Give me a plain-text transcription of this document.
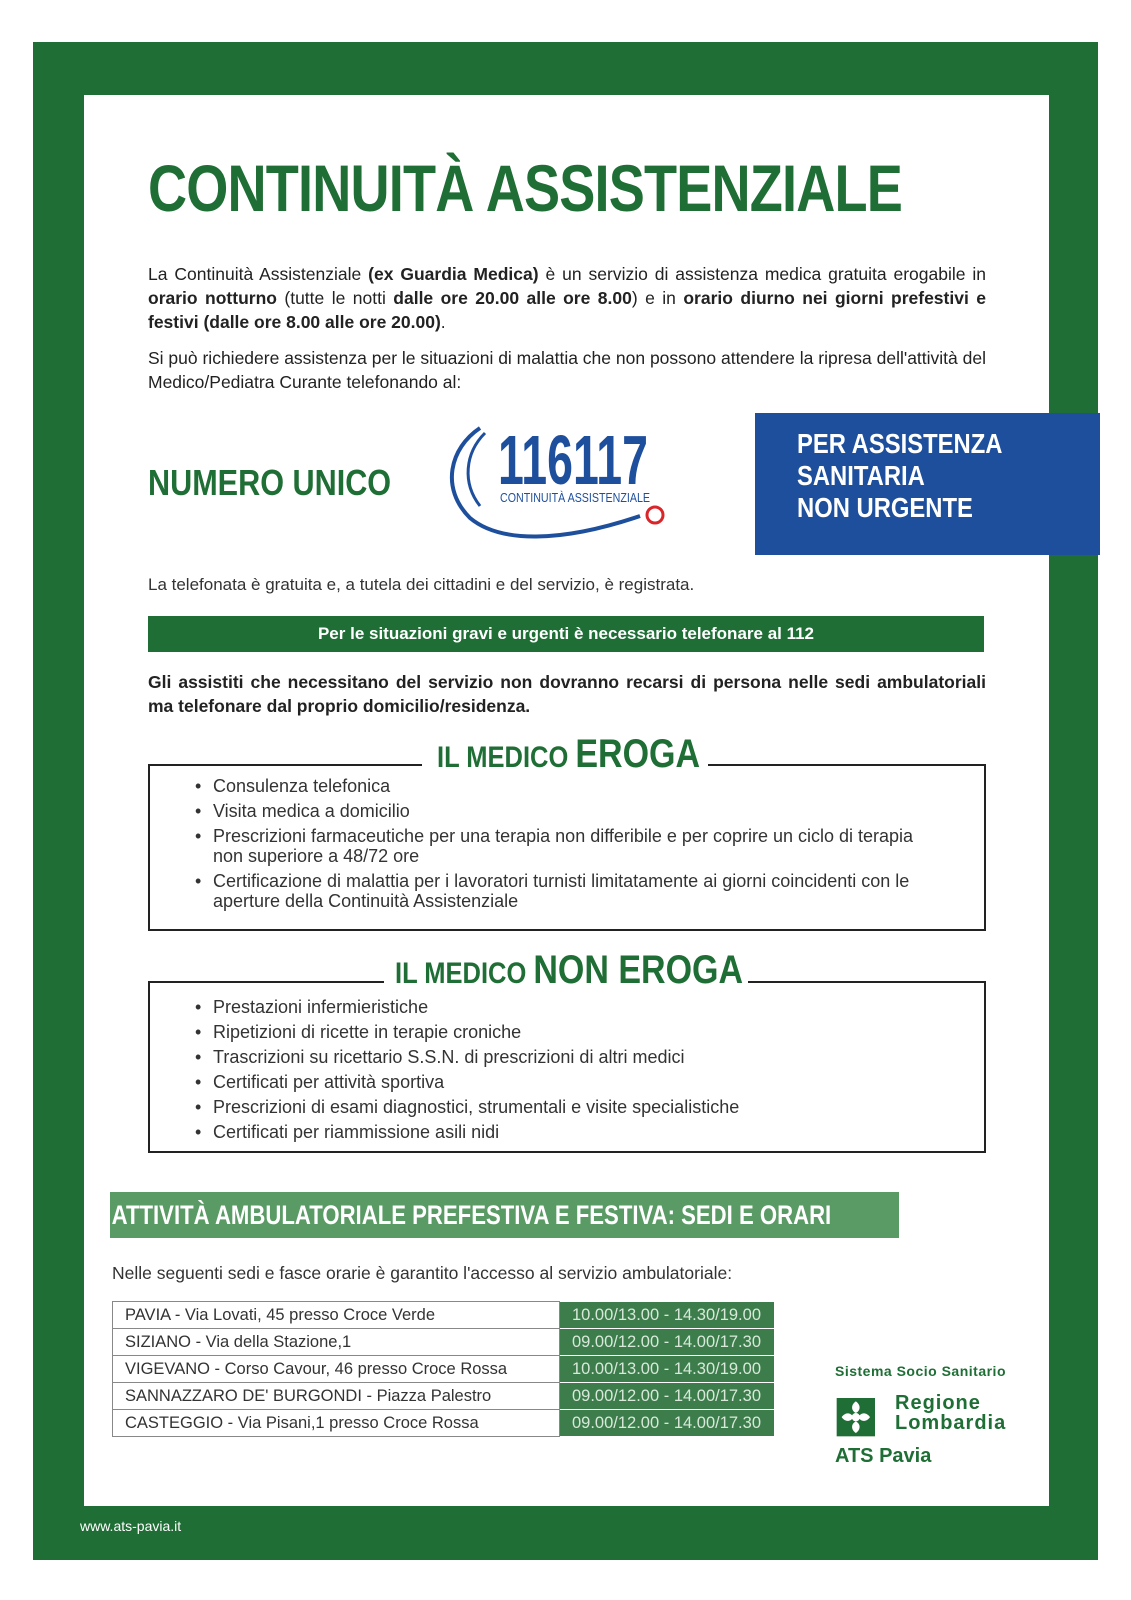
CONTINUITÀ ASSISTENZIALE
La Continuità Assistenziale (ex Guardia Medica) è un servizio di assistenza medica gratuita erogabile in orario notturno (tutte le notti dalle ore 20.00 alle ore 8.00) e in orario diurno nei giorni prefestivi e festivi (dalle ore 8.00 alle ore 20.00).
Si può richiedere assistenza per le situazioni di malattia che non possono attendere la ripresa dell'attività del Medico/Pediatra Curante telefonando al:
NUMERO UNICO 116117
CONTINUITÀ ASSISTENZIALE
PER ASSISTENZA
SANITARIA
NON URGENTE
La telefonata è gratuita e, a tutela dei cittadini e del servizio, è registrata.
Per le situazioni gravi e urgenti è necessario telefonare al 112
Gli assistiti che necessitano del servizio non dovranno recarsi di persona nelle sedi ambulatoriali ma telefonare dal proprio domicilio/residenza.
IL MEDICO EROGA
• Consulenza telefonica
• Visita medica a domicilio
• Prescrizioni farmaceutiche per una terapia non differibile e per coprire un ciclo di terapia non superiore a 48/72 ore
• Certificazione di malattia per i lavoratori turnisti limitatamente ai giorni coincidenti con le aperture della Continuità Assistenziale
IL MEDICO NON EROGA
• Prestazioni infermieristiche
• Ripetizioni di ricette in terapie croniche
• Trascrizioni su ricettario S.S.N. di prescrizioni di altri medici
• Certificati per attività sportiva
• Prescrizioni di esami diagnostici, strumentali e visite specialistiche
• Certificati per riammissione asili nidi
ATTIVITÀ AMBULATORIALE PREFESTIVA E FESTIVA: SEDI E ORARI
Nelle seguenti sedi e fasce orarie è garantito l'accesso al servizio ambulatoriale:
PAVIA - Via Lovati, 45 presso Croce Verde	10.00/13.00 - 14.30/19.00
SIZIANO - Via della Stazione,1	09.00/12.00 - 14.00/17.30
VIGEVANO - Corso Cavour, 46 presso Croce Rossa	10.00/13.00 - 14.30/19.00
SANNAZZARO DE' BURGONDI - Piazza Palestro	09.00/12.00 - 14.00/17.30
CASTEGGIO - Via Pisani,1 presso Croce Rossa	09.00/12.00 - 14.00/17.30
Sistema Socio Sanitario
Regione
Lombardia
ATS Pavia
www.ats-pavia.it
